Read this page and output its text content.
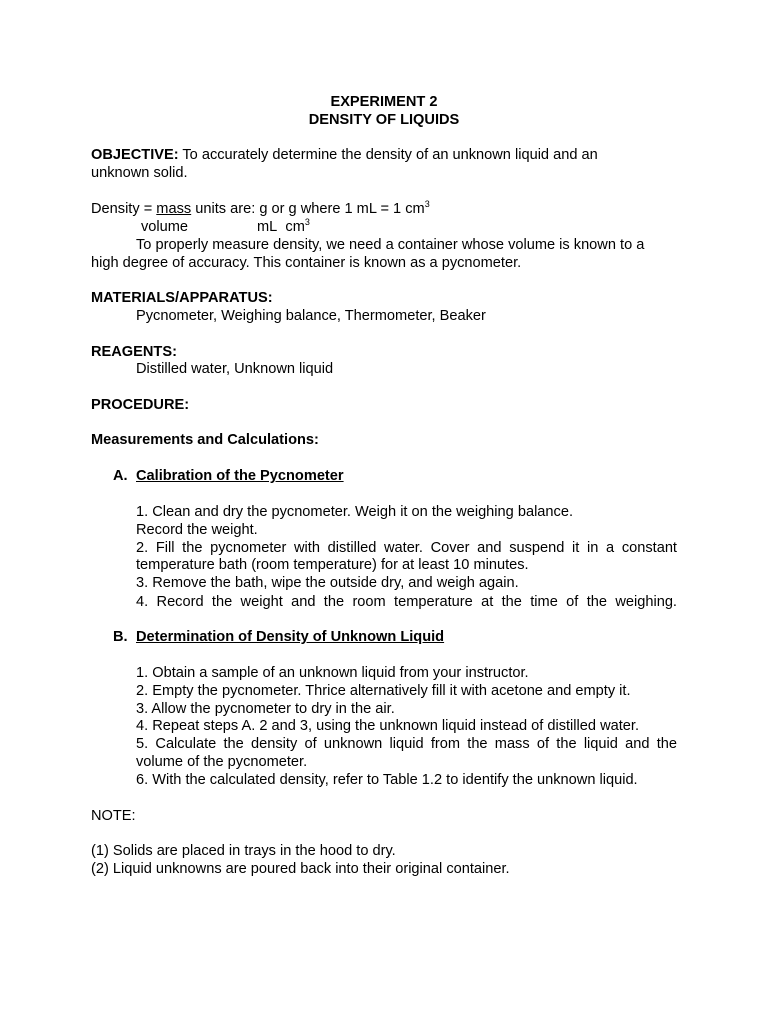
EXPERIMENT 2
DENSITY OF LIQUIDS
OBJECTIVE: To accurately determine the density of an unknown liquid and an
unknown solid.
Density = mass units are: g or g where 1 mL = 1 $cm^3$
volume	mL $cm^3$
To properly measure density, we need a container whose volume is known to a
high degree of accuracy. This container is known as a pycnometer.
MATERIALS/APPARATUS:
Pycnometer, Weighing balance, Thermometer, Beaker
REAGENTS:
Distilled water, Unknown liquid
PROCEDURE:
Measurements and Calculations:
A. Calibration of the Pycnometer
1. Clean and dry the pycnometer. Weigh it on the weighing balance.
Record the weight.
2. Fill the pycnometer with distilled water. Cover and suspend it in a constant
temperature bath (room temperature) for at least 10 minutes.
3. Remove the bath, wipe the outside dry, and weigh again.
4. Record the weight and the room temperature at the time of the weighing.
B. Determination of Density of Unknown Liquid
1. Obtain a sample of an unknown liquid from your instructor.
2. Empty the pycnometer. Thrice alternatively fill it with acetone and empty it.
3. Allow the pycnometer to dry in the air.
4. Repeat steps A. 2 and 3, using the unknown liquid instead of distilled water.
5. Calculate the density of unknown liquid from the mass of the liquid and the
volume of the pycnometer.
6. With the calculated density, refer to Table 1.2 to identify the unknown liquid.
NOTE:
(1) Solids are placed in trays in the hood to dry.
(2) Liquid unknowns are poured back into their original container.
